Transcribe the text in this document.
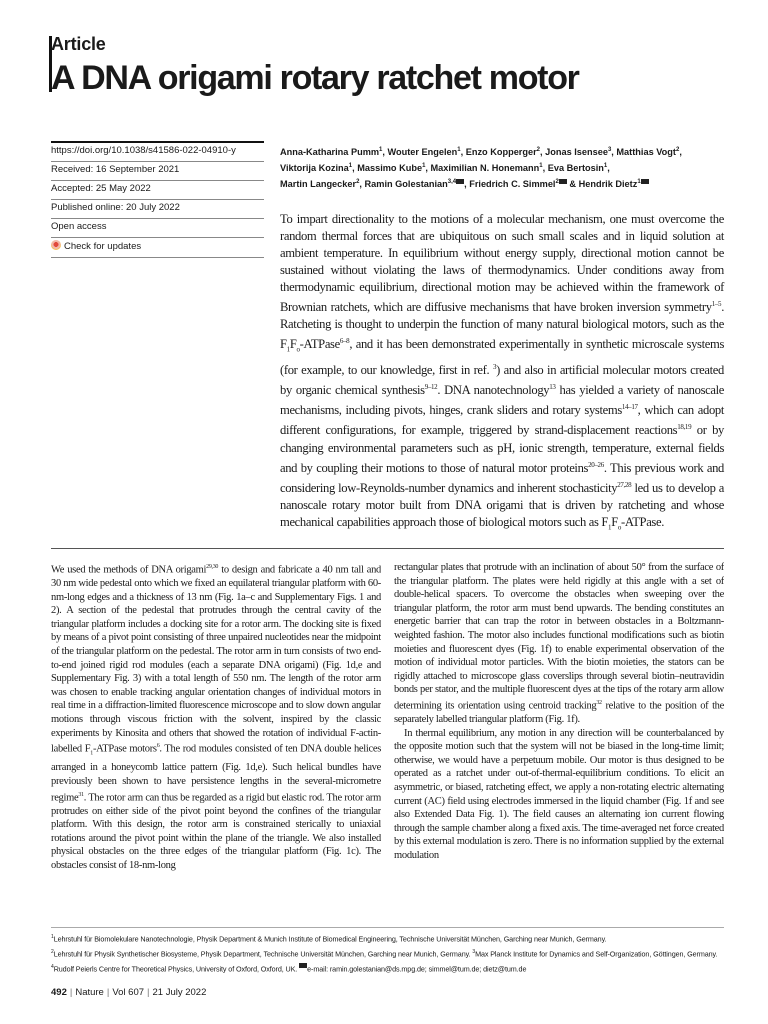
Article
A DNA origami rotary ratchet motor
https://doi.org/10.1038/s41586-022-04910-y
Received: 16 September 2021
Accepted: 25 May 2022
Published online: 20 July 2022
Open access
Check for updates

Anna-Katharina Pumm$^1$, Wouter Engelen$^1$, Enzo Kopperger$^2$, Jonas Isensee$^3$, Matthias Vogt$^2$,
Viktorija Kozina$^1$, Massimo Kube$^1$, Maximilian N. Honemann$^1$, Eva Bertosin$^1$,
Martin Langecker$^2$, Ramin Golestanian$^{3,4}$ , Friedrich C. Simmel$^2$ & Hendrik Dietz$^1$

To impart directionality to the motions of a molecular mechanism, one must overcome the random thermal forces that are ubiquitous on such small scales and in liquid solution at ambient temperature. In equilibrium without energy supply, directional motion cannot be sustained without violating the laws of thermodynamics. Under conditions away from thermodynamic equilibrium, directional motion may be achieved within the framework of Brownian ratchets, which are diffusive mechanisms that have broken inversion symmetry$^{1-5}$. Ratcheting is thought to underpin the function of many natural biological motors, such as the $F_1F_o-ATPase^{6-8}$, and it has been demonstrated experimentally in synthetic microscale systems (for example, to our knowledge, first in ref. $^3$) and also in artificial molecular motors created by organic chemical synthesis$^{9-12}$. DNA nanotechnology$^{13}$ has yielded a variety of nanoscale mechanisms, including pivots, hinges, crank sliders and rotary systems$^{14-17}$, which can adopt different configurations, for example, triggered by strand-displacement reactions$^{18,19}$ or by changing environmental parameters such as pH, ionic strength, temperature, external fields and by coupling their motions to those of natural motor proteins$^{20-26}$. This previous work and considering low-Reynolds-number dynamics and inherent stochasticity$^{27,28}$ led us to develop a nanoscale rotary motor built from DNA origami that is driven by ratcheting and whose mechanical capabilities approach those of biological motors such as $F_1F_o$-ATPase.

We used the methods of DNA origami$^{29,30}$ to design and fabricate a 40 nm tall and 30 nm wide pedestal onto which we fixed an equilateral triangular platform with 60-nm-long edges and a thickness of 13 nm (Fig. 1a–c and Supplementary Figs. 1 and 2). A section of the pedestal that protrudes through the central cavity of the triangular platform includes a docking site for a rotor arm. The docking site is fixed by means of a pivot point consisting of three unpaired nucleotides near the midpoint of the triangular platform on the pedestal. The rotor arm in turn consists of two end-to-end joined rigid rod modules (each a separate DNA origami) (Fig. 1d,e and Supplementary Fig. 3) with a total length of 550 nm. The length of the rotor arm was chosen to enable tracking angular orientation changes of individual motors in real time in a diffraction-limited fluorescence microscope and to slow down angular motions through viscous friction with the solvent, inspired by the classic experiments by Kinosita and others that showed the rotation of individual F-actin-labelled $F_1$-ATPase motors$^6$. The rod modules consisted of ten DNA double helices arranged in a honeycomb lattice pattern (Fig. 1d,e). Such helical bundles have previously been shown to have persistence lengths in the several-micrometre regime$^{31}$. The rotor arm can thus be regarded as a rigid but elastic rod. The rotor arm protrudes on either side of the pivot point beyond the confines of the triangular platform. With this design, the rotor arm is constrained sterically to uniaxial rotations around the pivot point within the plane of the triangle. We also installed physical obstacles on the three edges of the triangular platform (Fig. 1c). The obstacles consist of 18-nm-long

rectangular plates that protrude with an inclination of about 50° from the surface of the triangular platform. The plates were held rigidly at this angle with a set of double-helical spacers. To overcome the obstacles when sweeping over the triangular platform, the rotor arm must bend upwards. The bending constitutes an energetic barrier that can trap the rotor in between obstacles in a Boltzmann-weighted fashion. The motor also includes functional modifications such as biotin moieties and fluorescent dyes (Fig. 1f) to enable experimental observation of the motion of individual motor particles. With the biotin moieties, the stators can be rigidly attached to microscope glass coverslips through several biotin–neutravidin bonds per stator, and the multiple fluorescent dyes at the tips of the rotary arm allow determining its orientation using centroid tracking$^{32}$ relative to the position of the separately labelled triangular platform (Fig. 1f).

In thermal equilibrium, any motion in any direction will be counterbalanced by the opposite motion such that the system will not be biased in the long-time limit; otherwise, we would have a perpetuum mobile. Our motor is thus designed to be operated as a ratchet under out-of-thermal-equilibrium conditions. To elicit an asymmetric, or biased, ratcheting effect, we apply a non-rotating electric alternating current (AC) field using electrodes immersed in the liquid chamber (Fig. 1f and see also Extended Data Fig. 1). The field causes an alternating ion current flowing through the sample chamber along a fixed axis. The time-averaged net force created by this external modulation is zero. There is no information supplied by the external modulation

$^1$Lehrstuhl für Biomolekulare Nanotechnologie, Physik Department & Munich Institute of Biomedical Engineering, Technische Universität München, Garching near Munich, Germany.
$^2$Lehrstuhl für Physik Synthetischer Biosysteme, Physik Department, Technische Universität München, Garching near Munich, Germany. $^3$Max Planck Institute for Dynamics and Self-Organization, Göttingen, Germany. $^4$Rudolf Peierls Centre for Theoretical Physics, University of Oxford, Oxford, UK. e-mail: ramin.golestanian@ds.mpg.de; simmel@tum.de; dietz@tum.de

492 | Nature | Vol 607 | 21 July 2022
